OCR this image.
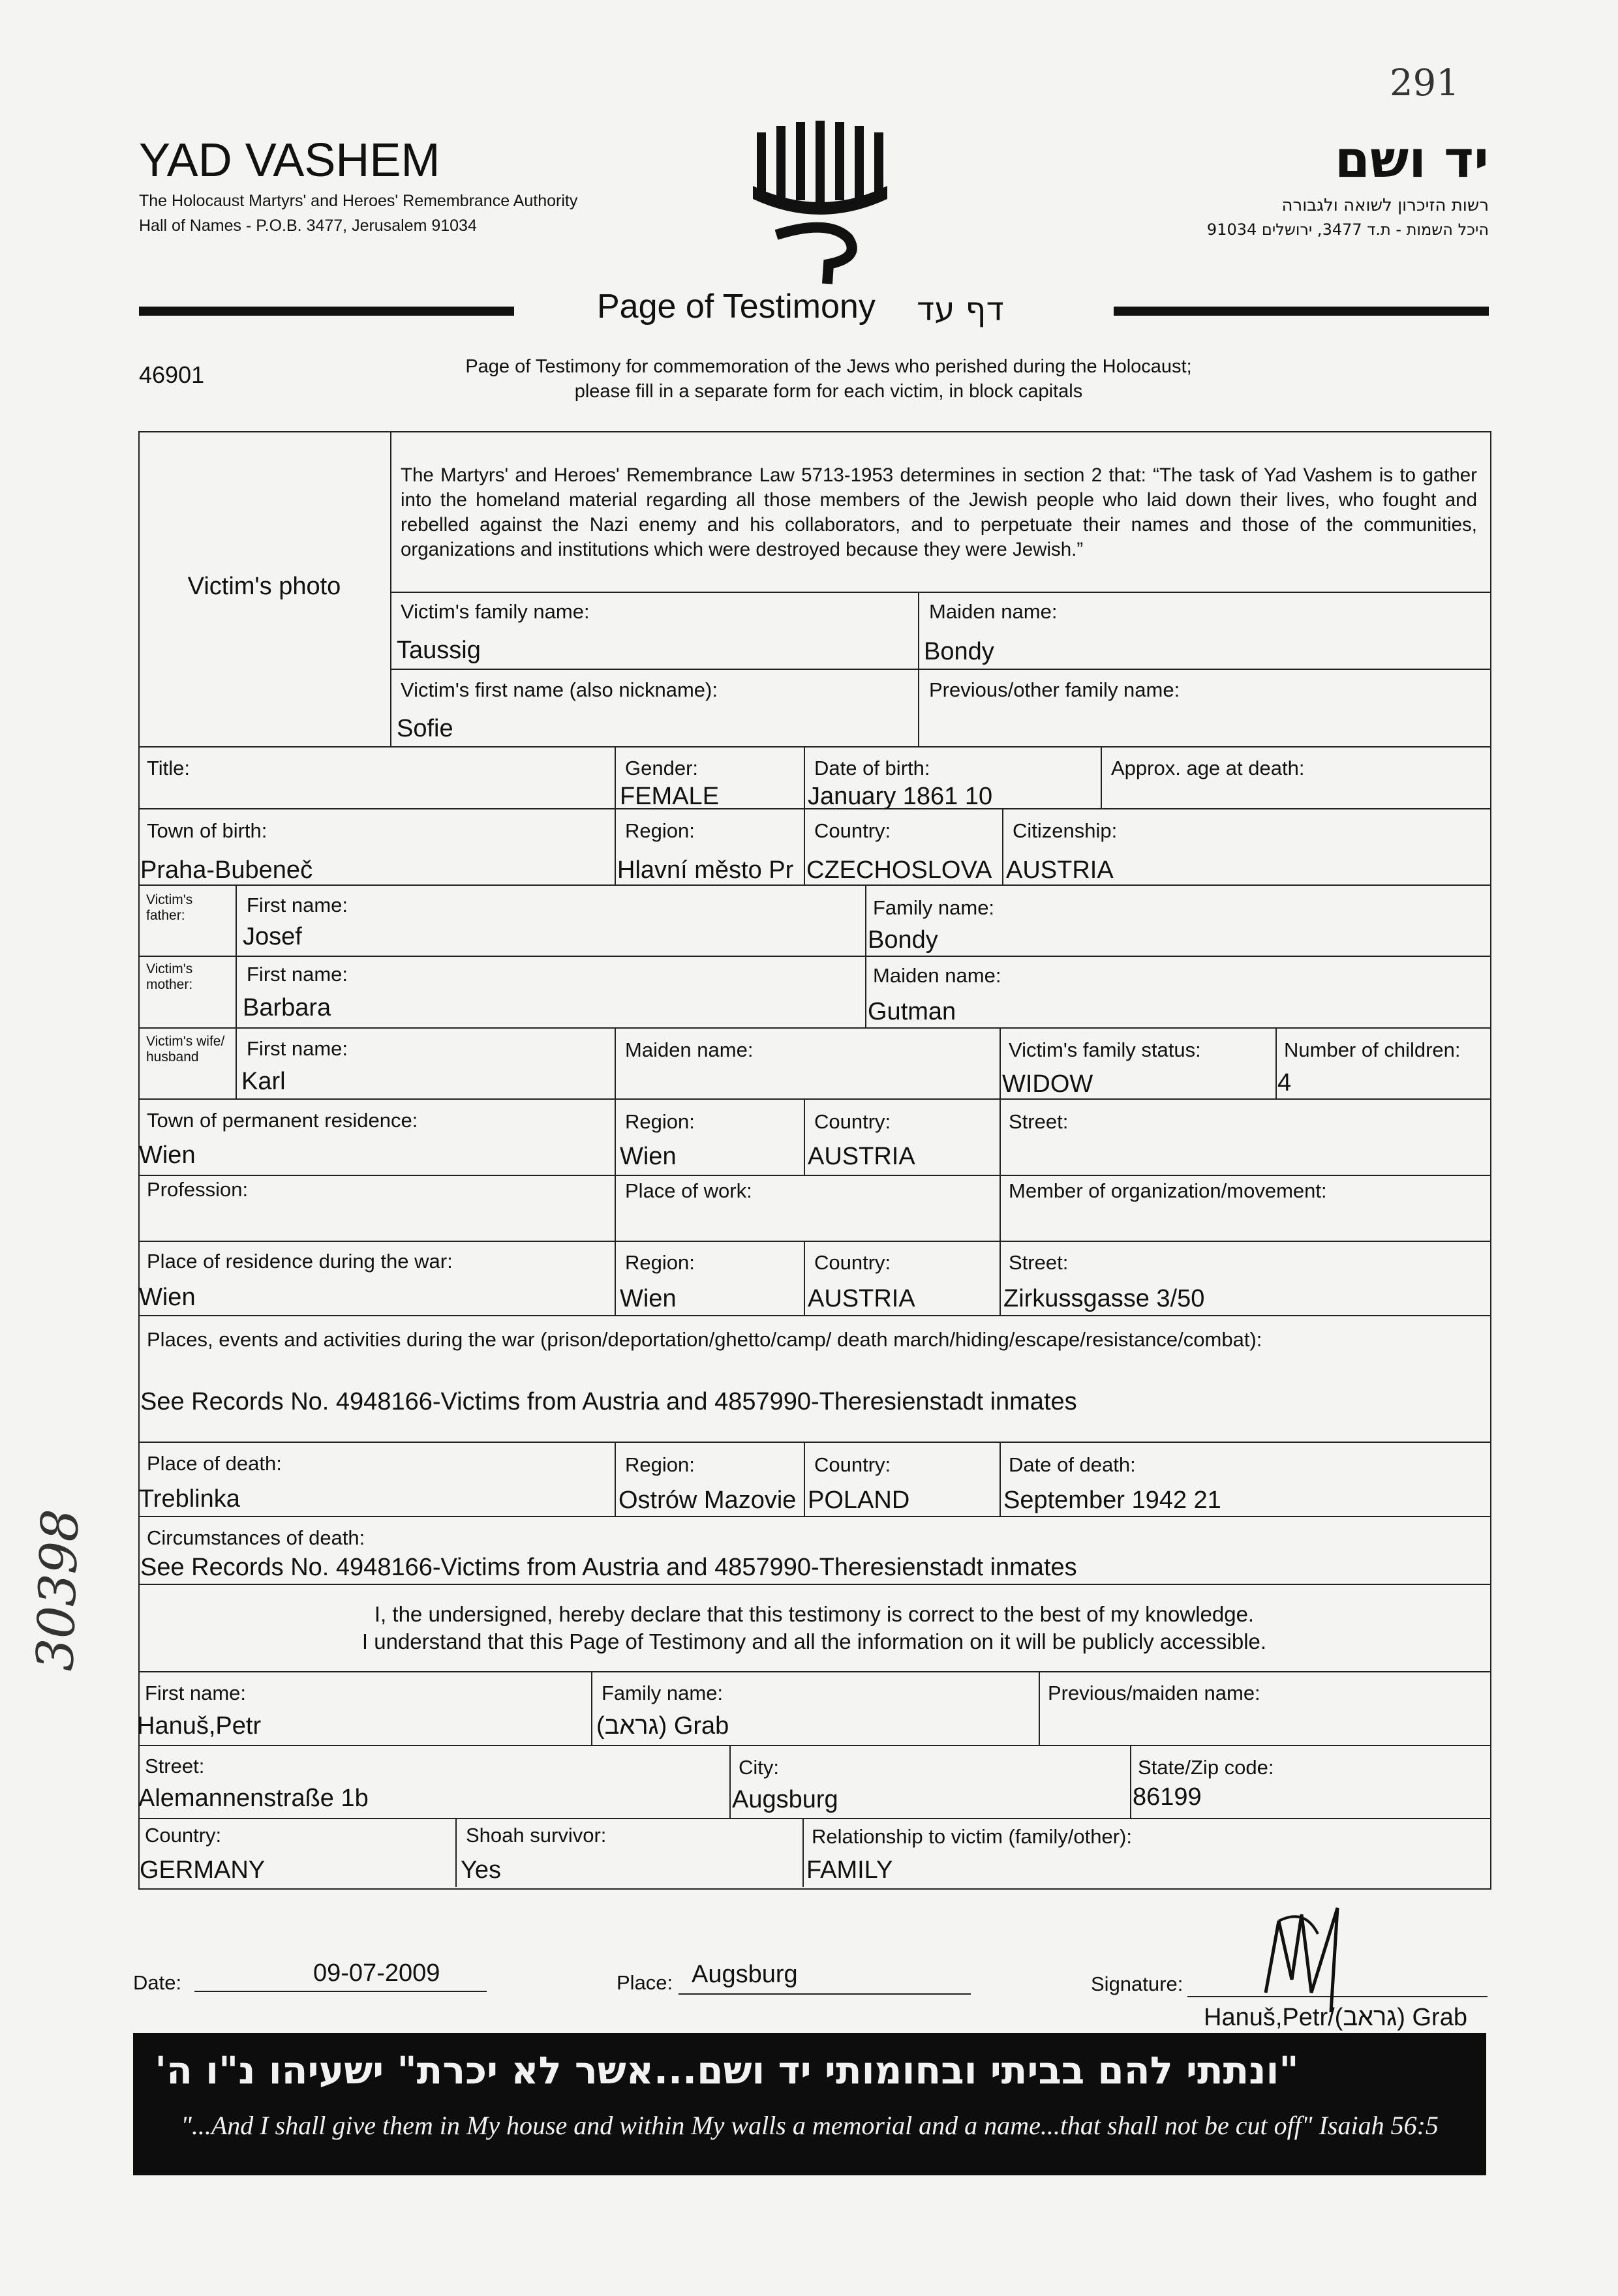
291
YAD VASHEM
The Holocaust Martyrs' and Heroes' Remembrance Authority
Hall of Names - P.O.B. 3477, Jerusalem 91034
יד ושם
רשות הזיכרון לשואה ולגבורה
היכל השמות - ת.ד 3477, ירושלים 91034
Page of Testimony דף עד
46901	Page of Testimony for commemoration of the Jews who perished during the Holocaust;
please fill in a separate form for each victim, in block capitals
Victim's photo
The Martyrs' and Heroes' Remembrance Law 5713-1953 determines in section 2 that: “The task of Yad Vashem is to gather into the homeland material regarding all those members of the Jewish people who laid down their lives, who fought and rebelled against the Nazi enemy and his collaborators, and to perpetuate their names and those of the communities, organizations and institutions which were destroyed because they were Jewish.”
Victim's family name:
Taussig
Maiden name:
Bondy
Victim's first name (also nickname):
Sofie
Previous/other family name:
Title:	Gender:
FEMALE
Date of birth:
January 1861 10
Approx. age at death:
Town of birth:
Praha-Bubeneč
Region:
Hlavní město Pr
Country:
CZECHOSLOVA
Citizenship:
AUSTRIA
Victim's father:	First name:
Josef
Family name:
Bondy
Victim's mother:	First name:
Barbara
Maiden name:
Gutman
Victim's wife/ husband	First name:
Karl
Maiden name:	Victim's family status:
WIDOW
Number of children:
4
Town of permanent residence:
Wien
Region:
Wien
Country:
AUSTRIA
Street:
Profession:	Place of work:	Member of organization/movement:
Place of residence during the war:
Wien
Region:
Wien
Country:
AUSTRIA
Street:
Zirkussgasse 3/50
Places, events and activities during the war (prison/deportation/ghetto/camp/ death march/hiding/escape/resistance/combat):
See Records No. 4948166-Victims from Austria and 4857990-Theresienstadt inmates
Place of death:
Treblinka
Region:
Ostrów Mazovie
Country:
POLAND
Date of death:
September 1942 21
Circumstances of death:
See Records No. 4948166-Victims from Austria and 4857990-Theresienstadt inmates
I, the undersigned, hereby declare that this testimony is correct to the best of my knowledge.
I understand that this Page of Testimony and all the information on it will be publicly accessible.
First name:
Hanuš,Petr
Family name:
(גראב) Grab
Previous/maiden name:
Street:
Alemannenstraße 1b
City:
Augsburg
State/Zip code:
86199
Country:
GERMANY
Shoah survivor:
Yes
Relationship to victim (family/other):
FAMILY
30398
Date:	09-07-2009	Place: Augsburg	Signature:
Hanuš,Petr/(גראב) Grab
"ונתתי להם בביתי ובחומותי יד ושם...אשר לא יכרת" ישעיהו נ"ו ה'
"...And I shall give them in My house and within My walls a memorial and a name...that shall not be cut off" Isaiah 56:5
